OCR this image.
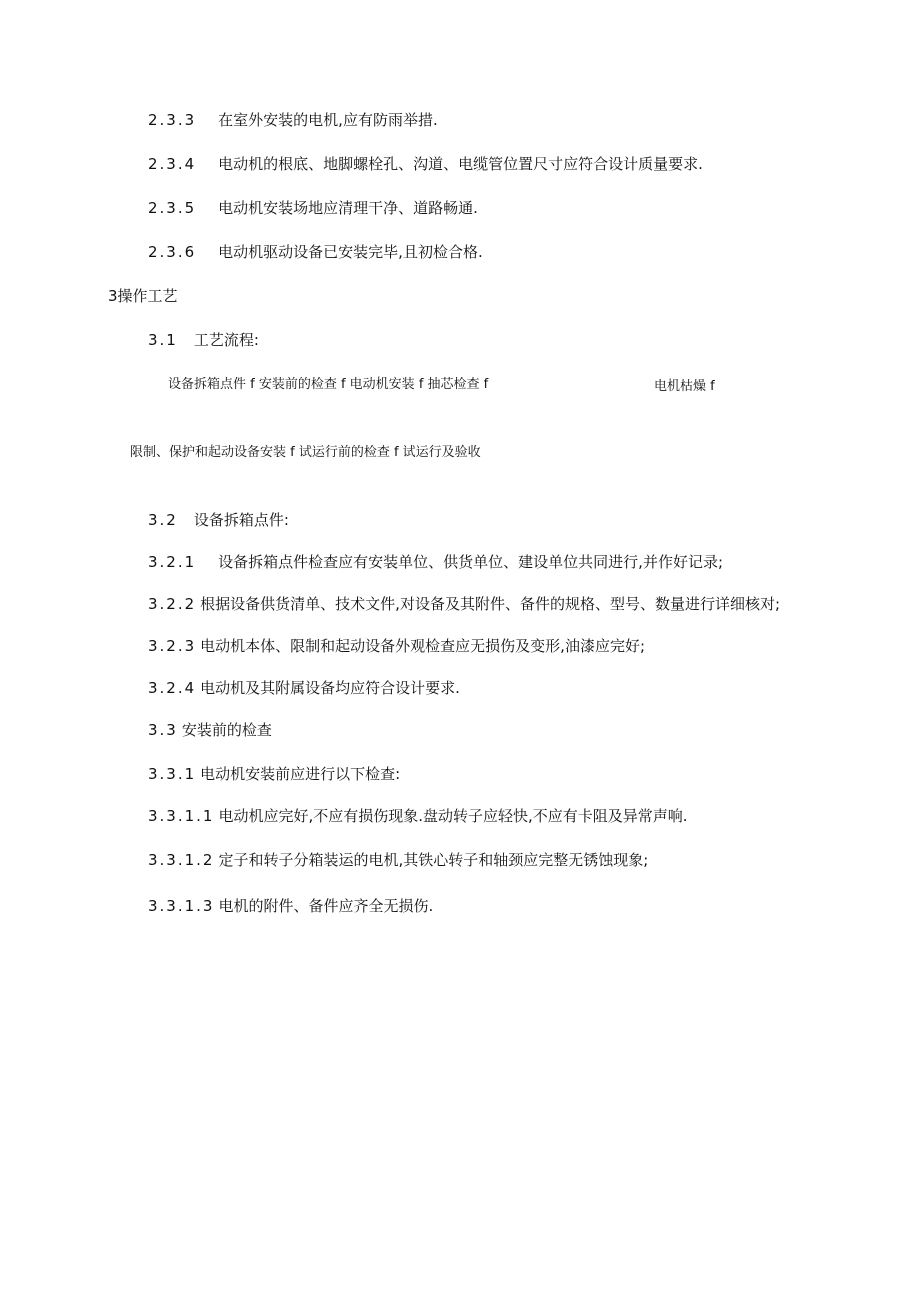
2.3.3 在室外安装的电机,应有防雨举措.
2.3.4 电动机的根底、地脚螺栓孔、沟道、电缆管位置尺寸应符合设计质量要求.
2.3.5 电动机安装场地应清理干净、道路畅通.
2.3.6 电动机驱动设备已安装完毕,且初检合格.
3操作工艺
3.1 工艺流程:
设备拆箱点件 f 安装前的检查 f 电动机安装 f 抽芯检查 f	电机枯燥 f
限制、保护和起动设备安装 f 试运行前的检查 f 试运行及验收
3.2 设备拆箱点件:
3.2.1 设备拆箱点件检查应有安装单位、供货单位、建设单位共同进行,并作好记录;
3.2.2 根据设备供货清单、技术文件,对设备及其附件、备件的规格、型号、数量进行详细核对;
3.2.3 电动机本体、限制和起动设备外观检查应无损伤及变形,油漆应完好;
3.2.4 电动机及其附属设备均应符合设计要求.
3.3 安装前的检查
3.3.1 电动机安装前应进行以下检查:
3.3.1.1 电动机应完好,不应有损伤现象.盘动转子应轻快,不应有卡阻及异常声响.
3.3.1.2 定子和转子分箱装运的电机,其铁心转子和轴颈应完整无锈蚀现象;
3.3.1.3 电机的附件、备件应齐全无损伤.
